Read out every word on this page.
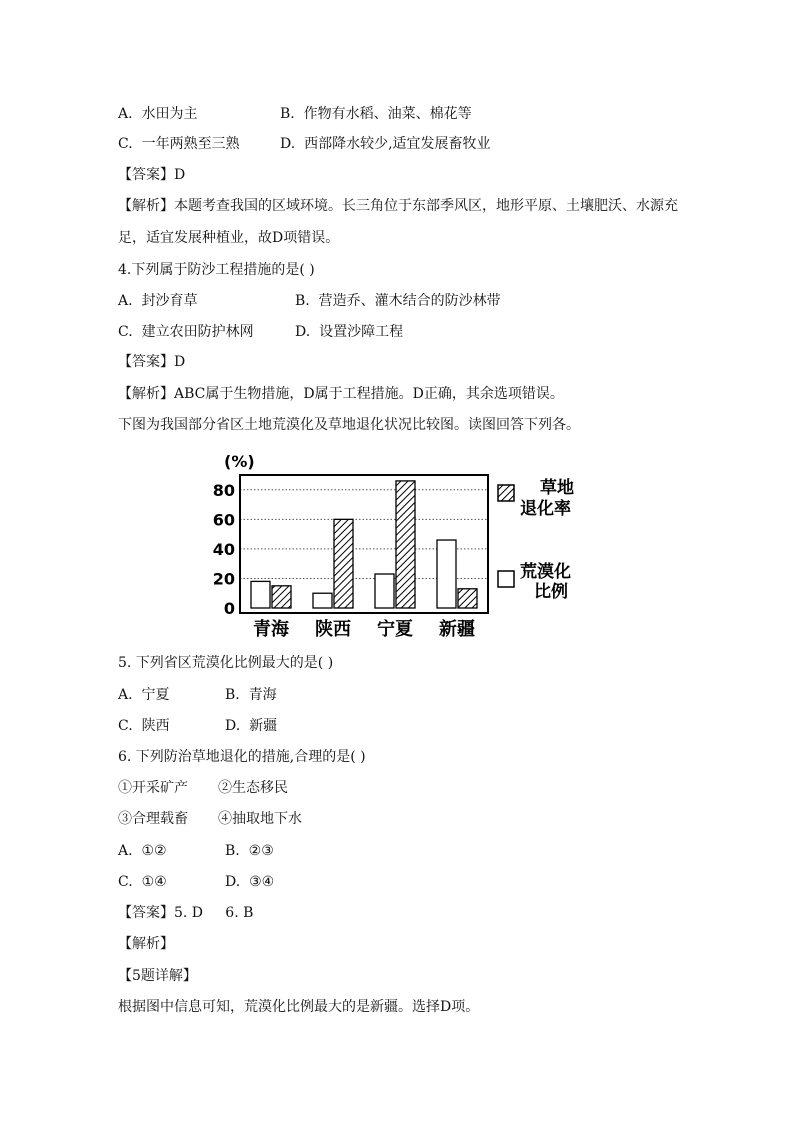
A. 水田为主	B. 作物有水稻、油菜、棉花等
C. 一年两熟至三熟	D. 西部降水较少,适宜发展畜牧业
【答案】D
【解析】本题考查我国的区域环境。长三角位于东部季风区，地形平原、土壤肥沃、水源充足，适宜发展种植业，故D项错误。
4.下列属于防沙工程措施的是( )
A. 封沙育草	B. 营造乔、灌木结合的防沙林带
C. 建立农田防护林网	D. 设置沙障工程
【答案】D
【解析】ABC属于生物措施，D属于工程措施。D正确，其余选项错误。
下图为我国部分省区土地荒漠化及草地退化状况比较图。读图回答下列各。
(%)
80
60
40
20
0
青海 陕西 宁夏 新疆
草地
退化率
荒漠化
比例
5. 下列省区荒漠化比例最大的是( )
A. 宁夏	B. 青海
C. 陕西	D. 新疆
6. 下列防治草地退化的措施,合理的是( )
①开采矿产 ②生态移民
③合理载畜 ④抽取地下水
A. ①②	B. ②③
C. ①④	D. ③④
【答案】5. D     6. B
【解析】
【5题详解】
根据图中信息可知，荒漠化比例最大的是新疆。选择D项。
